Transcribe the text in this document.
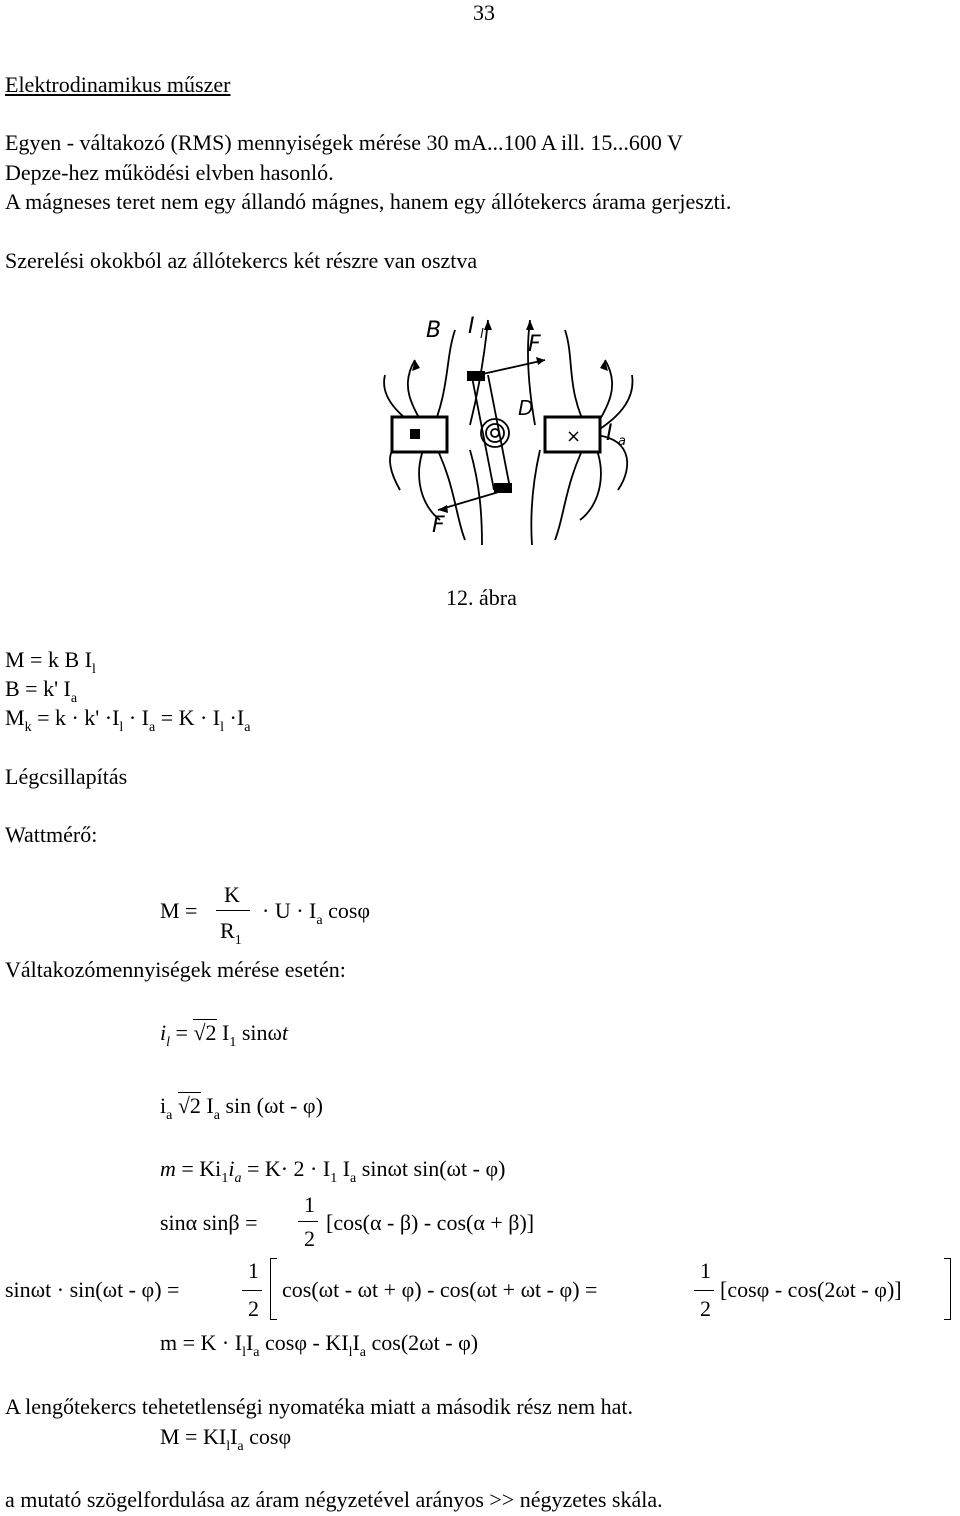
33
Elektrodinamikus műszer
Egyen - váltakozó (RMS) mennyiségek mérése 30 mA...100 A ill. 15...600 V
Depze-hez működési elvben hasonló.
A mágneses teret nem egy állandó mágnes, hanem egy állótekercs árama gerjeszti.
Szerelési okokból az állótekercs két részre van osztva
×
B I l F
D
I a
F
12. ábra
M = k B $I_l$
B = k' $I_a$
$M_k = k \cdot k' \cdot I_l \cdot I_a = K \cdot I_l \cdot I_a$
Légcsillapítás
Wattmérő:
M =
K
$R_1$
· $U \cdot I_a$ cosφ
Váltakozómennyiségek mérése esetén:
$i_l = √2$ $I_1$ sinωt
$i_a$ √2 $I_a$ sin (ωt - φ)
$m = Ki_1i_a = K\cdot 2 \cdot I_1$ $I_a$ sinωt sin(ωt - φ)
sinα sinβ =
1
2
[cos(α - β) - cos(α + β)]
sinωt · sin(ωt - φ) =
1
2
cos(ωt - ωt + φ) - cos(ωt + ωt - φ) =
1
2
[cosφ - cos(2ωt - φ)]
$m = K \cdot I_lI_a$ cosφ - $KI_lI_a$ cos(2ωt - φ)
A lengőtekercs tehetetlenségi nyomatéka miatt a második rész nem hat.
$M = KI_lI_a$ cosφ
a mutató szögelfordulása az áram négyzetével arányos >> négyzetes skála.
